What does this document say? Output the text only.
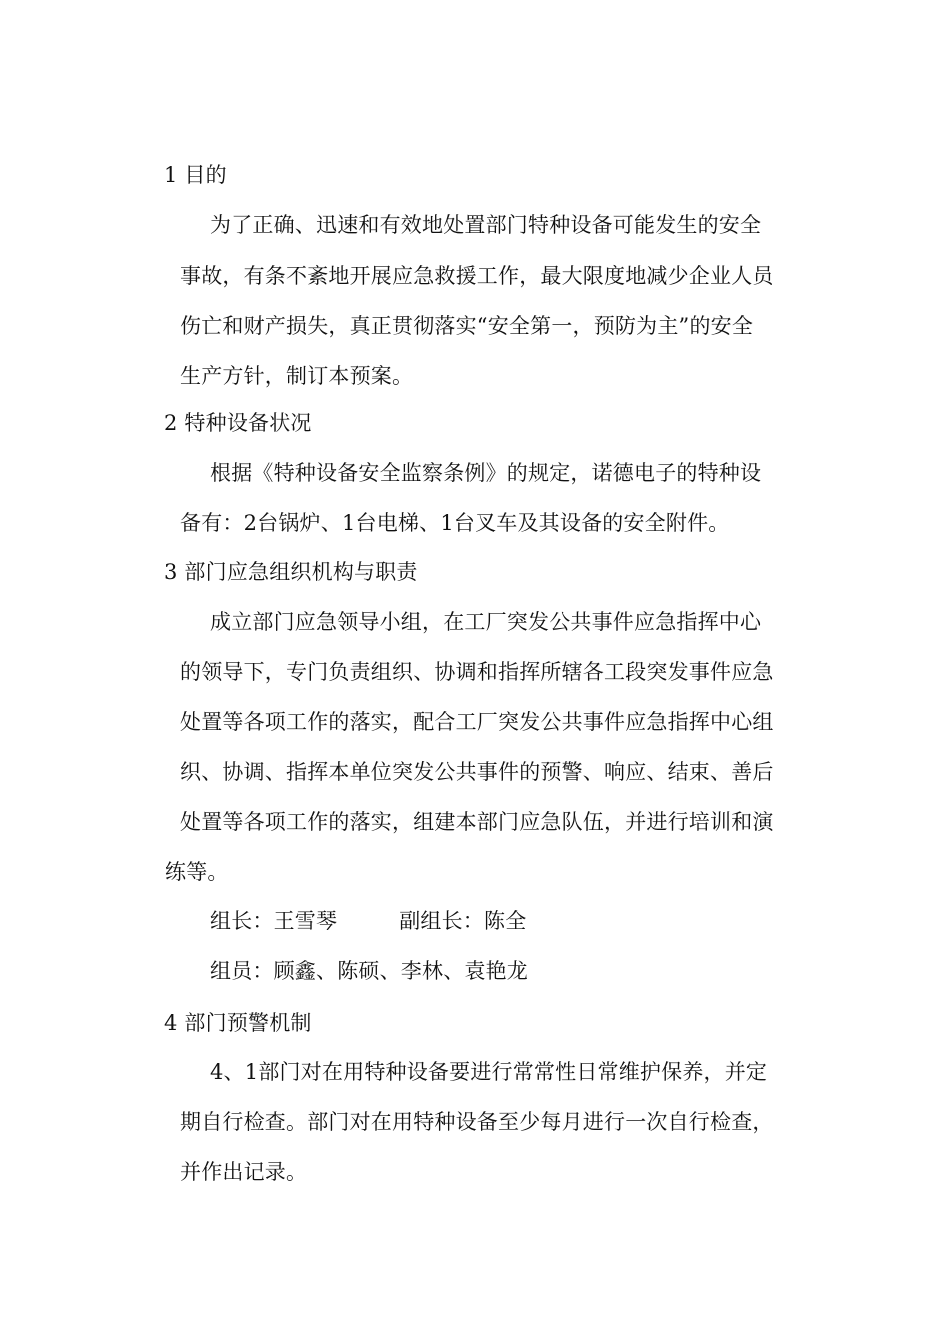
1 目的
为了正确、迅速和有效地处置部门特种设备可能发生的安全
事故，有条不紊地开展应急救援工作，最大限度地减少企业人员
伤亡和财产损失，真正贯彻落实“安全第一，预防为主”的安全
生产方针，制订本预案。
2 特种设备状况
根据《特种设备安全监察条例》的规定，诺德电子的特种设
备有：2台锅炉、1台电梯、1台叉车及其设备的安全附件。
3 部门应急组织机构与职责
成立部门应急领导小组，在工厂突发公共事件应急指挥中心
的领导下，专门负责组织、协调和指挥所辖各工段突发事件应急
处置等各项工作的落实，配合工厂突发公共事件应急指挥中心组
织、协调、指挥本单位突发公共事件的预警、响应、结束、善后
处置等各项工作的落实，组建本部门应急队伍，并进行培训和演
练等。
组长：王雪琴	副组长：陈全
组员：顾鑫、陈硕、李林、袁艳龙
4 部门预警机制
4、1部门对在用特种设备要进行常常性日常维护保养，并定
期自行检查。部门对在用特种设备至少每月进行一次自行检查，
并作出记录。
